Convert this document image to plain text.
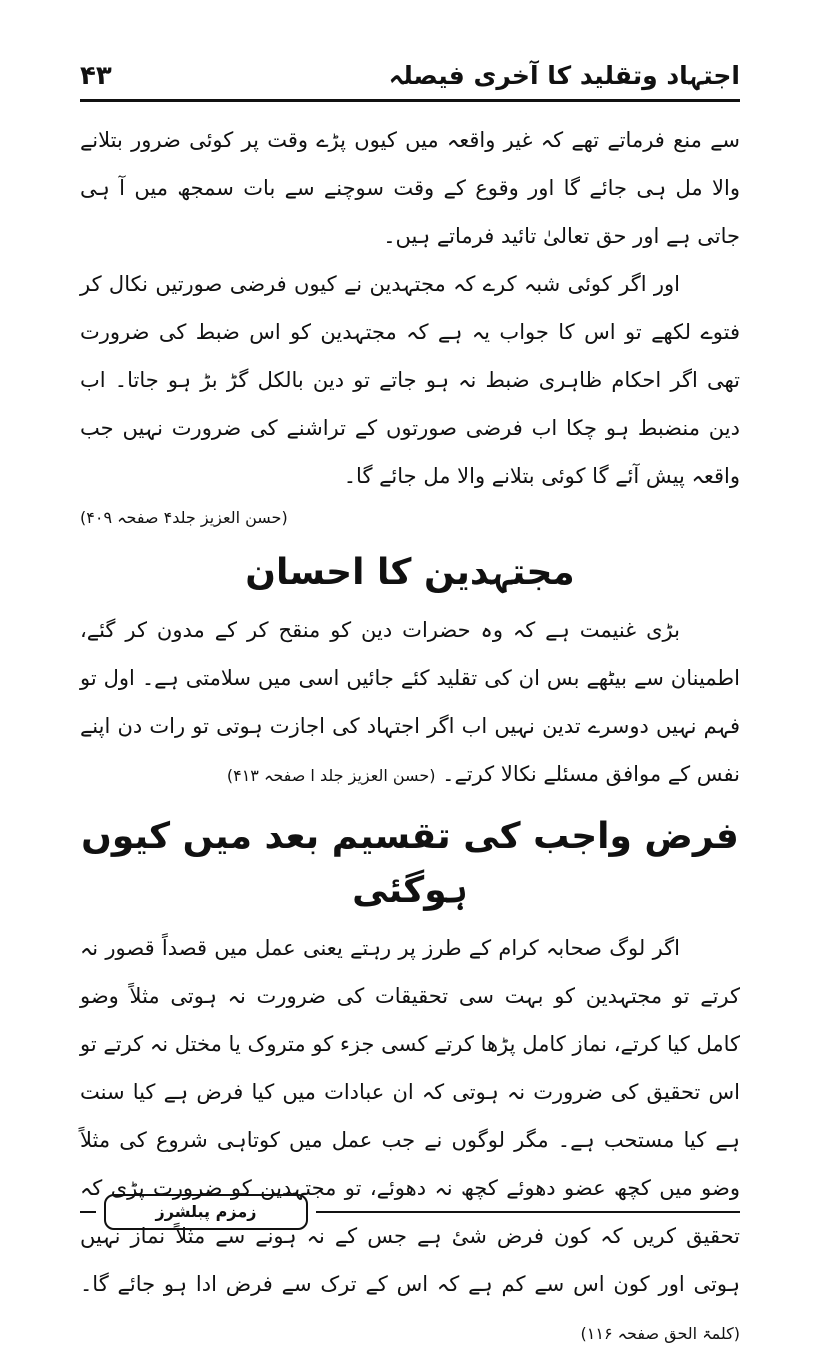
اجتہاد وتقلید کا آخری فیصلہ
۴۳

سے منع فرماتے تھے کہ غیر واقعہ میں کیوں پڑے وقت پر کوئی ضرور بتلانے والا مل ہی جائے گا اور وقوع کے وقت سوچنے سے بات سمجھ میں آ ہی جاتی ہے اور حق تعالیٰ تائید فرماتے ہیں۔

اور اگر کوئی شبہ کرے کہ مجتہدین نے کیوں فرضی صورتیں نکال کر فتوے لکھے تو اس کا جواب یہ ہے کہ مجتہدین کو اس ضبط کی ضرورت تھی اگر احکام ظاہری ضبط نہ ہو جاتے تو دین بالکل گڑ بڑ ہو جاتا۔ اب دین منضبط ہو چکا اب فرضی صورتوں کے تراشنے کی ضرورت نہیں جب واقعہ پیش آئے گا کوئی بتلانے والا مل جائے گا۔

(حسن العزیز جلد۴ صفحہ ۴۰۹)

مجتہدین کا احسان

بڑی غنیمت ہے کہ وہ حضرات دین کو منقح کر کے مدون کر گئے، اطمینان سے بیٹھے بس ان کی تقلید کئے جائیں اسی میں سلامتی ہے۔ اول تو فہم نہیں دوسرے تدین نہیں اب اگر اجتہاد کی اجازت ہوتی تو رات دن اپنے نفس کے موافق مسئلے نکالا کرتے۔ (حسن العزیز جلد ا صفحہ ۴۱۳)

فرض واجب کی تقسیم بعد میں کیوں ہوگئی

اگر لوگ صحابہ کرام کے طرز پر رہتے یعنی عمل میں قصداً قصور نہ کرتے تو مجتہدین کو بہت سی تحقیقات کی ضرورت نہ ہوتی مثلاً وضو کامل کیا کرتے، نماز کامل پڑھا کرتے کسی جزء کو متروک یا مختل نہ کرتے تو اس تحقیق کی ضرورت نہ ہوتی کہ ان عبادات میں کیا فرض ہے کیا سنت ہے کیا مستحب ہے۔ مگر لوگوں نے جب عمل میں کوتاہی شروع کی مثلاً وضو میں کچھ عضو دھوئے کچھ نہ دھوئے، تو مجتہدین کو ضرورت پڑی کہ تحقیق کریں کہ کون فرض شیٔ ہے جس کے نہ ہونے سے مثلاً نماز نہیں ہوتی اور کون اس سے کم ہے کہ اس کے ترک سے فرض ادا ہو جائے گا۔ (کلمۃ الحق صفحہ ۱۱۶)

زمزم پبلشرز
